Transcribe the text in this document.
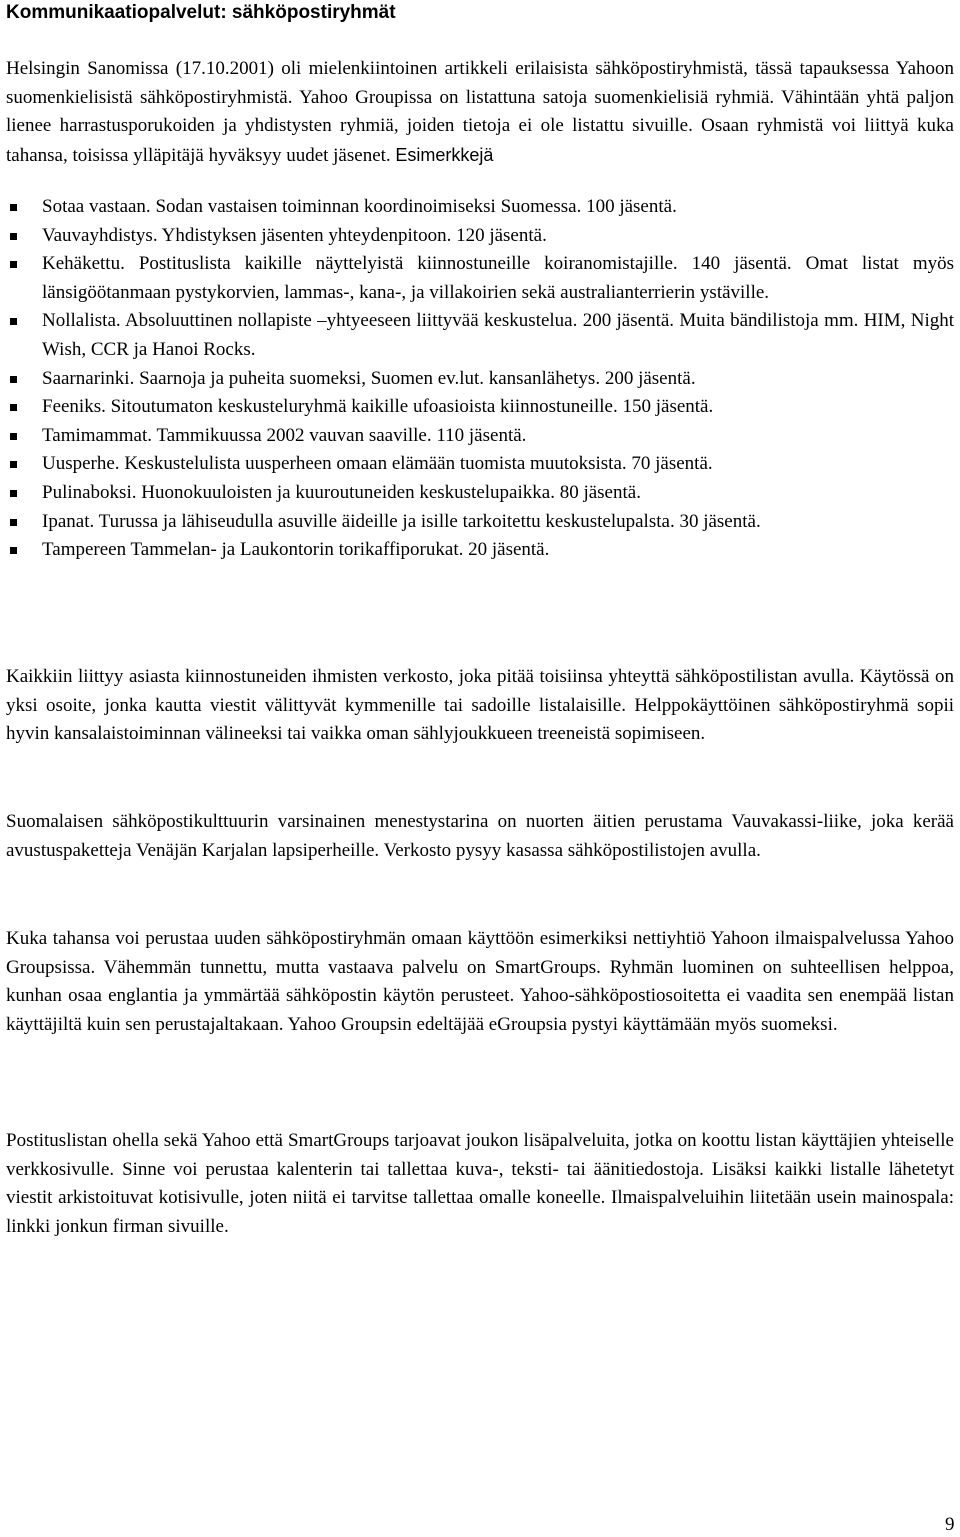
Kommunikaatiopalvelut: sähköpostiryhmät

Helsingin Sanomissa (17.10.2001) oli mielenkiintoinen artikkeli erilaisista sähköpostiryhmistä, tässä tapauksessa Yahoon suomenkielisistä sähköpostiryhmistä. Yahoo Groupissa on listattuna satoja suomenkielisiä ryhmiä. Vähintään yhtä paljon lienee harrastusporukoiden ja yhdistysten ryhmiä, joiden tietoja ei ole listattu sivuille. Osaan ryhmistä voi liittyä kuka tahansa, toisissa ylläpitäjä hyväksyy uudet jäsenet. Esimerkkejä

Sotaa vastaan. Sodan vastaisen toiminnan koordinoimiseksi Suomessa. 100 jäsentä.
Vauvayhdistys. Yhdistyksen jäsenten yhteydenpitoon. 120 jäsentä.
Kehäkettu. Postituslista kaikille näyttelyistä kiinnostuneille koiranomistajille. 140 jäsentä. Omat listat myös länsigöötanmaan pystykorvien, lammas-, kana-, ja villakoirien sekä australianterrierin ystäville.
Nollalista. Absoluuttinen nollapiste –yhtyeeseen liittyvää keskustelua. 200 jäsentä. Muita bändilistoja mm. HIM, Night Wish, CCR ja Hanoi Rocks.
Saarnarinki. Saarnoja ja puheita suomeksi, Suomen ev.lut. kansanlähetys. 200 jäsentä.
Feeniks. Sitoutumaton keskusteluryhmä kaikille ufoasioista kiinnostuneille. 150 jäsentä.
Tamimammat. Tammikuussa 2002 vauvan saaville. 110 jäsentä.
Uusperhe. Keskustelulista uusperheen omaan elämään tuomista muutoksista. 70 jäsentä.
Pulinaboksi. Huonokuuloisten ja kuuroutuneiden keskustelupaikka. 80 jäsentä.
Ipanat. Turussa ja lähiseudulla asuville äideille ja isille tarkoitettu keskustelupalsta. 30 jäsentä.
Tampereen Tammelan- ja Laukontorin torikaffiporukat. 20 jäsentä.

Kaikkiin liittyy asiasta kiinnostuneiden ihmisten verkosto, joka pitää toisiinsa yhteyttä sähköpostilistan avulla. Käytössä on yksi osoite, jonka kautta viestit välittyvät kymmenille tai sadoille listalaisille. Helppokäyttöinen sähköpostiryhmä sopii hyvin kansalaistoiminnan välineeksi tai vaikka oman sählyjoukkueen treeneistä sopimiseen.

Suomalaisen sähköpostikulttuurin varsinainen menestystarina on nuorten äitien perustama Vauvakassi-liike, joka kerää avustuspaketteja Venäjän Karjalan lapsiperheille. Verkosto pysyy kasassa sähköpostilistojen avulla.

Kuka tahansa voi perustaa uuden sähköpostiryhmän omaan käyttöön esimerkiksi nettiyhtiö Yahoon ilmaispalvelussa Yahoo Groupsissa. Vähemmän tunnettu, mutta vastaava palvelu on SmartGroups. Ryhmän luominen on suhteellisen helppoa, kunhan osaa englantia ja ymmärtää sähköpostin käytön perusteet. Yahoo-sähköpostiosoitetta ei vaadita sen enempää listan käyttäjiltä kuin sen perustajaltakaan. Yahoo Groupsin edeltäjää eGroupsia pystyi käyttämään myös suomeksi.

Postituslistan ohella sekä Yahoo että SmartGroups tarjoavat joukon lisäpalveluita, jotka on koottu listan käyttäjien yhteiselle verkkosivulle. Sinne voi perustaa kalenterin tai tallettaa kuva-, teksti- tai äänitiedostoja. Lisäksi kaikki listalle lähetetyt viestit arkistoituvat kotisivulle, joten niitä ei tarvitse tallettaa omalle koneelle. Ilmaispalveluihin liitetään usein mainospala: linkki jonkun firman sivuille.

9
